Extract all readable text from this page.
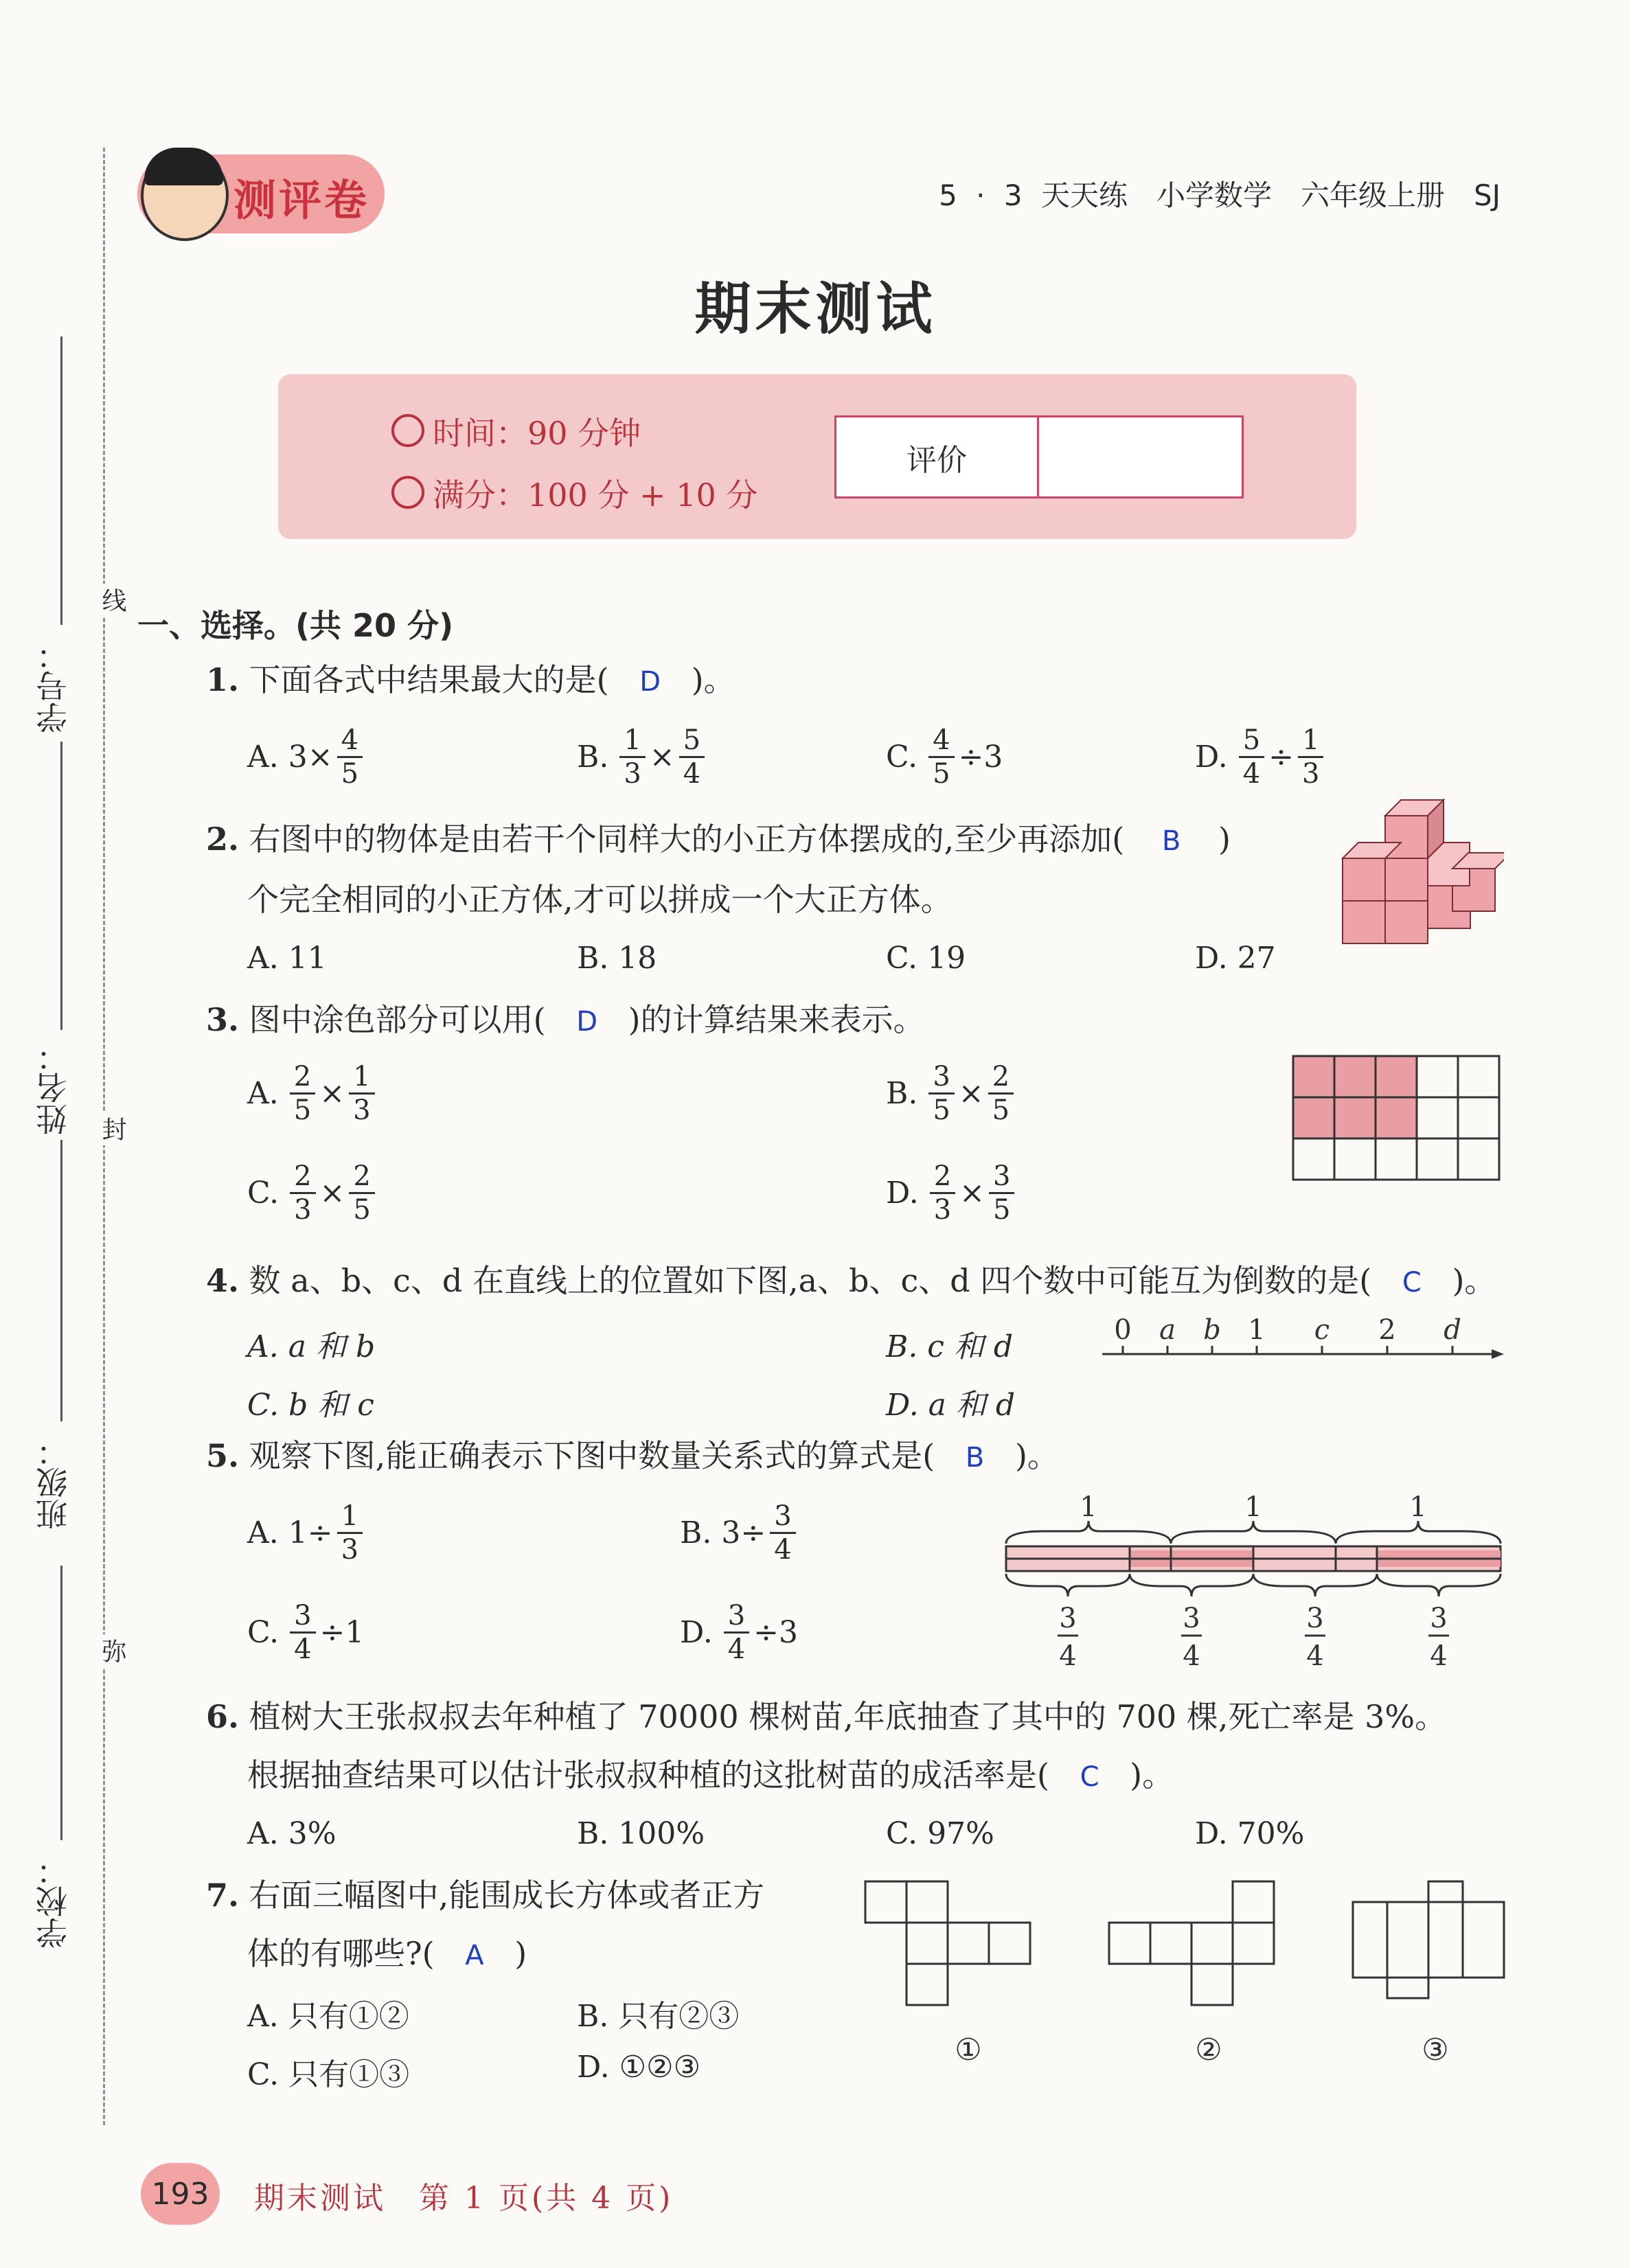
线
封
弥
学号：
姓名：
班级：
学校：
测评卷	5 · 3 天天练　小学数学　六年级上册　SJ
期末测试
时间：90 分钟
满分：100 分 + 10 分
评价
一、选择。(共 20 分)
1. 下面各式中结果最大的是( D )。
A. $3\times \frac{4}{5}$	B. $\frac{1}{3} \times \frac{5}{4}$	C. $\frac{4}{5} \div 3$	D. $\frac{5}{4} \div \frac{1}{3}$
2. 右图中的物体是由若干个同样大的小正方体摆成的,至少再添加( B )
个完全相同的小正方体,才可以拼成一个大正方体。
A. 11	B. 18	C. 19	D. 27
3. 图中涂色部分可以用( D )的计算结果来表示。
A. $\frac{2}{5} \times \frac{1}{3}$	B. $\frac{3}{5} \times \frac{2}{5}$
C. $\frac{2}{3} \times \frac{2}{5}$	D. $\frac{2}{3} \times \frac{3}{5}$
4. 数 a、b、c、d 在直线上的位置如下图,a、b、c、d 四个数中可能互为倒数的是( C )。
A. a 和 b	B. c 和 d
C. b 和 c	D. a 和 d
0 a b 1 c 2 d
5. 观察下图,能正确表示下图中数量关系式的算式是( B )。
A. $1\div \frac{1}{3}$	B. $3\div \frac{3}{4}$
C. $\frac{3}{4} \div 1$	D. $\frac{3}{4} \div 3$
1	1	1
3
4
3
4
3
4
3
4
6. 植树大王张叔叔去年种植了 70000 棵树苗,年底抽查了其中的 700 棵,死亡率是 3%。
根据抽查结果可以估计张叔叔种植的这批树苗的成活率是( C )。
A. 3%	B. 100%	C. 97%	D. 70%
7. 右面三幅图中,能围成长方体或者正方
体的有哪些?( A )
A. 只有①②	B. 只有②③
C. 只有①③	D. ①②③	①	②	③
193	期末测试　第 1 页(共 4 页)
